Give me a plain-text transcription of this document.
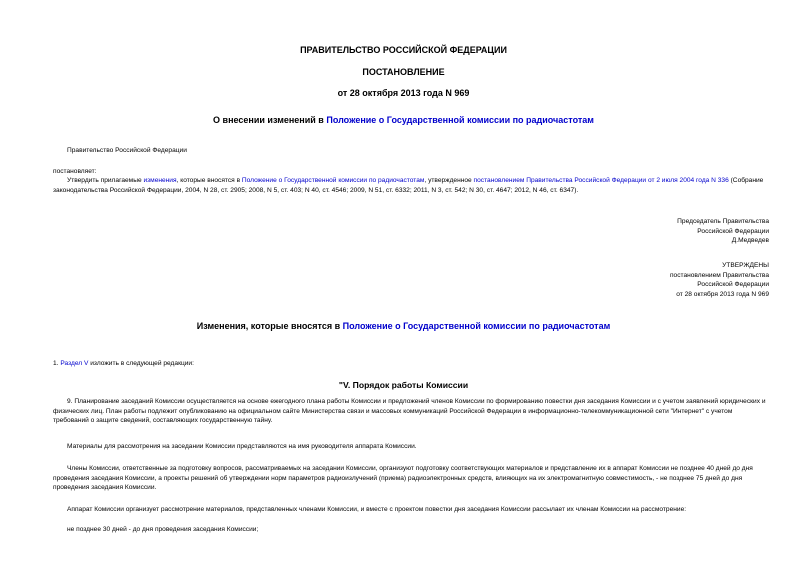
ПРАВИТЕЛЬСТВО РОССИЙСКОЙ ФЕДЕРАЦИИ
ПОСТАНОВЛЕНИЕ
от 28 октября 2013 года N 969
О внесении изменений в Положение о Государственной комиссии по радиочастотам
Правительство Российской Федерации
постановляет:
Утвердить прилагаемые изменения, которые вносятся в Положение о Государственной комиссии по радиочастотам, утвержденное постановлением Правительства Российской Федерации от 2 июля 2004 года N 336 (Собрание законодательства Российской Федерации, 2004, N 28, ст. 2905; 2008, N 5, ст. 403; N 40, ст. 4546; 2009, N 51, ст. 6332; 2011, N 3, ст. 542; N 30, ст. 4647; 2012, N 46, ст. 6347).
Председатель Правительства
Российской Федерации
Д.Медведев
УТВЕРЖДЕНЫ
постановлением Правительства
Российской Федерации
от 28 октября 2013 года N 969
Изменения, которые вносятся в Положение о Государственной комиссии по радиочастотам
1. Раздел V изложить в следующей редакции:
"V. Порядок работы Комиссии
9. Планирование заседаний Комиссии осуществляется на основе ежегодного плана работы Комиссии и предложений членов Комиссии по формированию повестки дня заседания Комиссии и с учетом заявлений юридических и физических лиц. План работы подлежит опубликованию на официальном сайте Министерства связи и массовых коммуникаций Российской Федерации в информационно-телекоммуникационной сети "Интернет" с учетом требований о защите сведений, составляющих государственную тайну.
Материалы для рассмотрения на заседании Комиссии представляются на имя руководителя аппарата Комиссии.
Члены Комиссии, ответственные за подготовку вопросов, рассматриваемых на заседании Комиссии, организуют подготовку соответствующих материалов и представление их в аппарат Комиссии не позднее 40 дней до дня проведения заседания Комиссии, а проекты решений об утверждении норм параметров радиоизлучений (приема) радиоэлектронных средств, влияющих на их электромагнитную совместимость, - не позднее 75 дней до дня проведения заседания Комиссии.
Аппарат Комиссии организует рассмотрение материалов, представленных членами Комиссии, и вместе с проектом повестки дня заседания Комиссии рассылает их членам Комиссии на рассмотрение:
не позднее 30 дней - до дня проведения заседания Комиссии;
